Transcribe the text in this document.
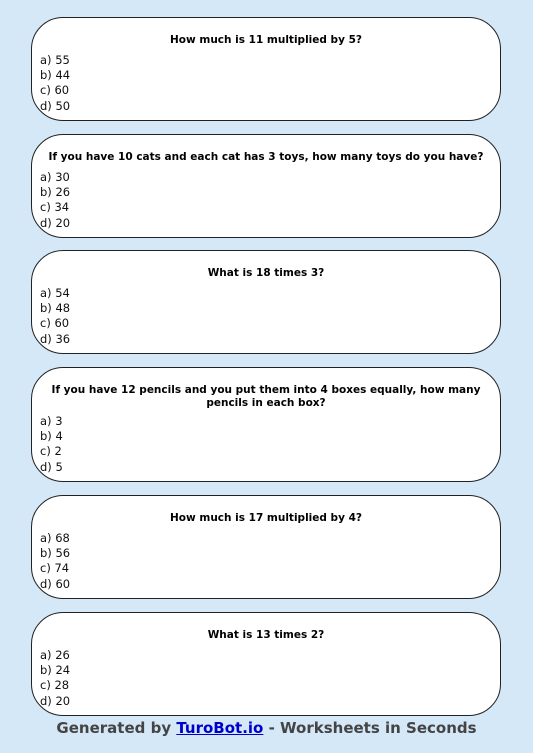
How much is 11 multiplied by 5?
a) 55
b) 44
c) 60
d) 50
If you have 10 cats and each cat has 3 toys, how many toys do you have?
a) 30
b) 26
c) 34
d) 20
What is 18 times 3?
a) 54
b) 48
c) 60
d) 36
If you have 12 pencils and you put them into 4 boxes equally, how many pencils in each box?
a) 3
b) 4
c) 2
d) 5
How much is 17 multiplied by 4?
a) 68
b) 56
c) 74
d) 60
What is 13 times 2?
a) 26
b) 24
c) 28
d) 20
Generated by TuroBot.io - Worksheets in Seconds
